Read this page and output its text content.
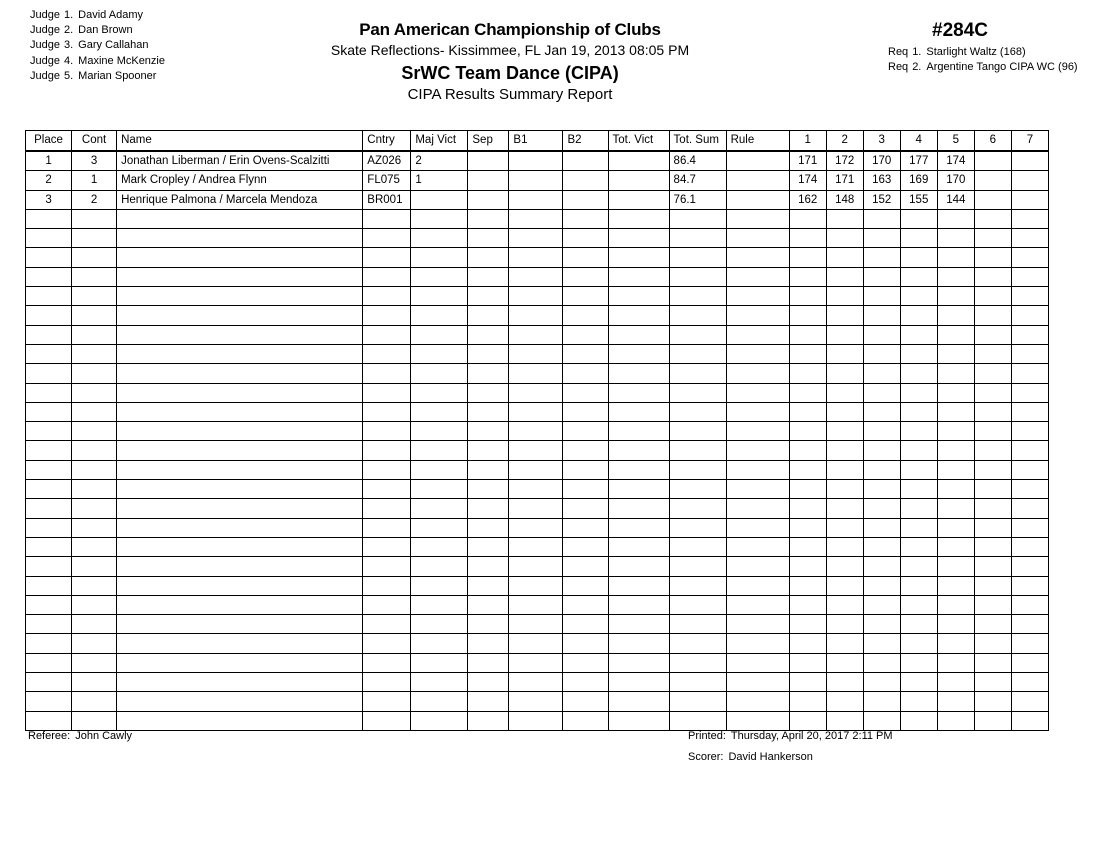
Judge 1. David Adamy
Judge 2. Dan Brown
Judge 3. Gary Callahan
Judge 4. Maxine McKenzie
Judge 5. Marian Spooner
Pan American Championship of Clubs
Skate Reflections- Kissimmee, FL Jan 19, 2013 08:05 PM
SrWC Team Dance (CIPA)
CIPA Results Summary Report
#284C
Req 1. Starlight Waltz (168)
Req 2. Argentine Tango CIPA WC (96)
Place	Cont	Name	Cntry	Maj Vict	Sep	B1	B2	Tot. Vict	Tot. Sum	Rule	1	2	3	4	5	6	7
1	3	Jonathan Liberman / Erin Ovens-Scalzitti	AZ026	2					86.4		171	172	170	177	174		
2	1	Mark Cropley / Andrea Flynn	FL075	1					84.7		174	171	163	169	170		
3	2	Henrique Palmona / Marcela Mendoza	BR001						76.1		162	148	152	155	144		

Referee: John Cawly	Printed: Thursday, April 20, 2017 2:11 PM
Scorer: David Hankerson
